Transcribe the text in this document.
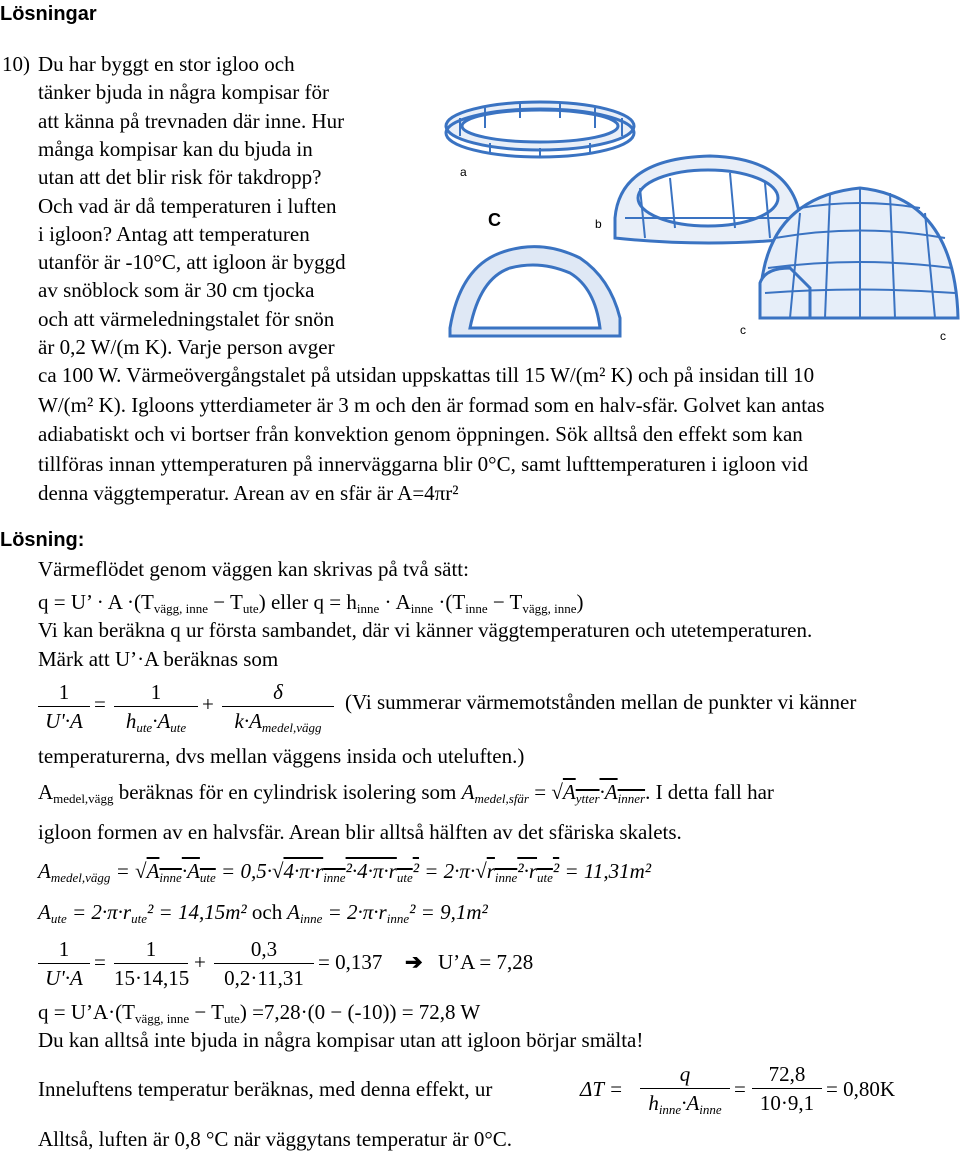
Lösningar
10) Du har byggt en stor igloo och
tänker bjuda in några kompisar för
att känna på trevnaden där inne. Hur
många kompisar kan du bjuda in
utan att det blir risk för takdropp?
Och vad är då temperaturen i luften
i igloon? Antag att temperaturen
utanför är -10°C, att igloon är byggd
av snöblock som är 30 cm tjocka
och att värmeledningstalet för snön
är 0,2 W/(m K). Varje person avger
ca 100 W. Värmeövergångstalet på utsidan uppskattas till 15 W/(m² K) och på insidan till 10
W/(m² K). Igloons ytterdiameter är 3 m och den är formad som en halv-sfär. Golvet kan antas
adiabatiskt och vi bortser från konvektion genom öppningen. Sök alltså den effekt som kan
tillföras innan yttemperaturen på innerväggarna blir 0°C, samt lufttemperaturen i igloon vid
denna väggtemperatur. Arean av en sfär är A=4πr²
a
b
c	c
C
Lösning:
Värmeflödet genom väggen kan skrivas på två sätt:
q = U’ · $A \cdot(T_{vägg, inne} - T_{ute})$ eller $q = h_{inne} \cdot A_{inne} \cdot(T_{inne} - T_{vägg, inne})$
Vi kan beräkna q ur första sambandet, där vi känner väggtemperaturen och utetemperaturen.
Märk att U’·A beräknas som
$\frac{1}{U'\cdot A}$ =	1
$h_{ute}\cdot A_{ute}$
+	δ
$k\cdot A_{medel,vägg}$
(Vi summerar värmemotstånden mellan de punkter vi känner
temperaturerna, dvs mellan väggens insida och uteluften.)
$A_{medel,vägg}$ beräknas för en cylindrisk isolering som $A_{medel,sfär} = √A_{ytter}\cdot A_{inner}$. I detta fall har
igloon formen av en halvsfär. Arean blir alltså hälften av det sfäriska skalets.
$A_{medel,vägg} = √A_{inne}\cdot A_{ute} = 0,5\cdot√4\cdot\pi\cdot r_{inne}^2\cdot 4\cdot\pi\cdot r_{ute}^2 = 2\cdot\pi\cdot√r_{inne}^2\cdot r_{ute}^2 = 11,31m^2$
$A_{ute} = 2\cdot\pi\cdot r_{ute}^2 = 14,15m^2$ och $A_{inne} = 2\cdot\pi\cdot r_{inne}^2 = 9,1m^2$
$\frac{1}{U'\cdot A} = \frac{1}{15\cdot 14,15} + \frac{0,3}{0,2\cdot 11,31} = 0,137$ ➔ U’A = 7,28
$q = U’A\cdot(T_{vägg, inne} - T_{ute}) =7,28\cdot(0 - (-10)) = 72,8$ W
Du kan alltså inte bjuda in några kompisar utan att igloon börjar smälta!
Inneluftens temperatur beräknas, med denna effekt, ur	ΔT =
q
$h_{inne}\cdot A_{inne}$
= $\frac{72,8}{10\cdot 9,1} = 0,80K$
Alltså, luften är 0,8 °C när väggytans temperatur är 0°C.
